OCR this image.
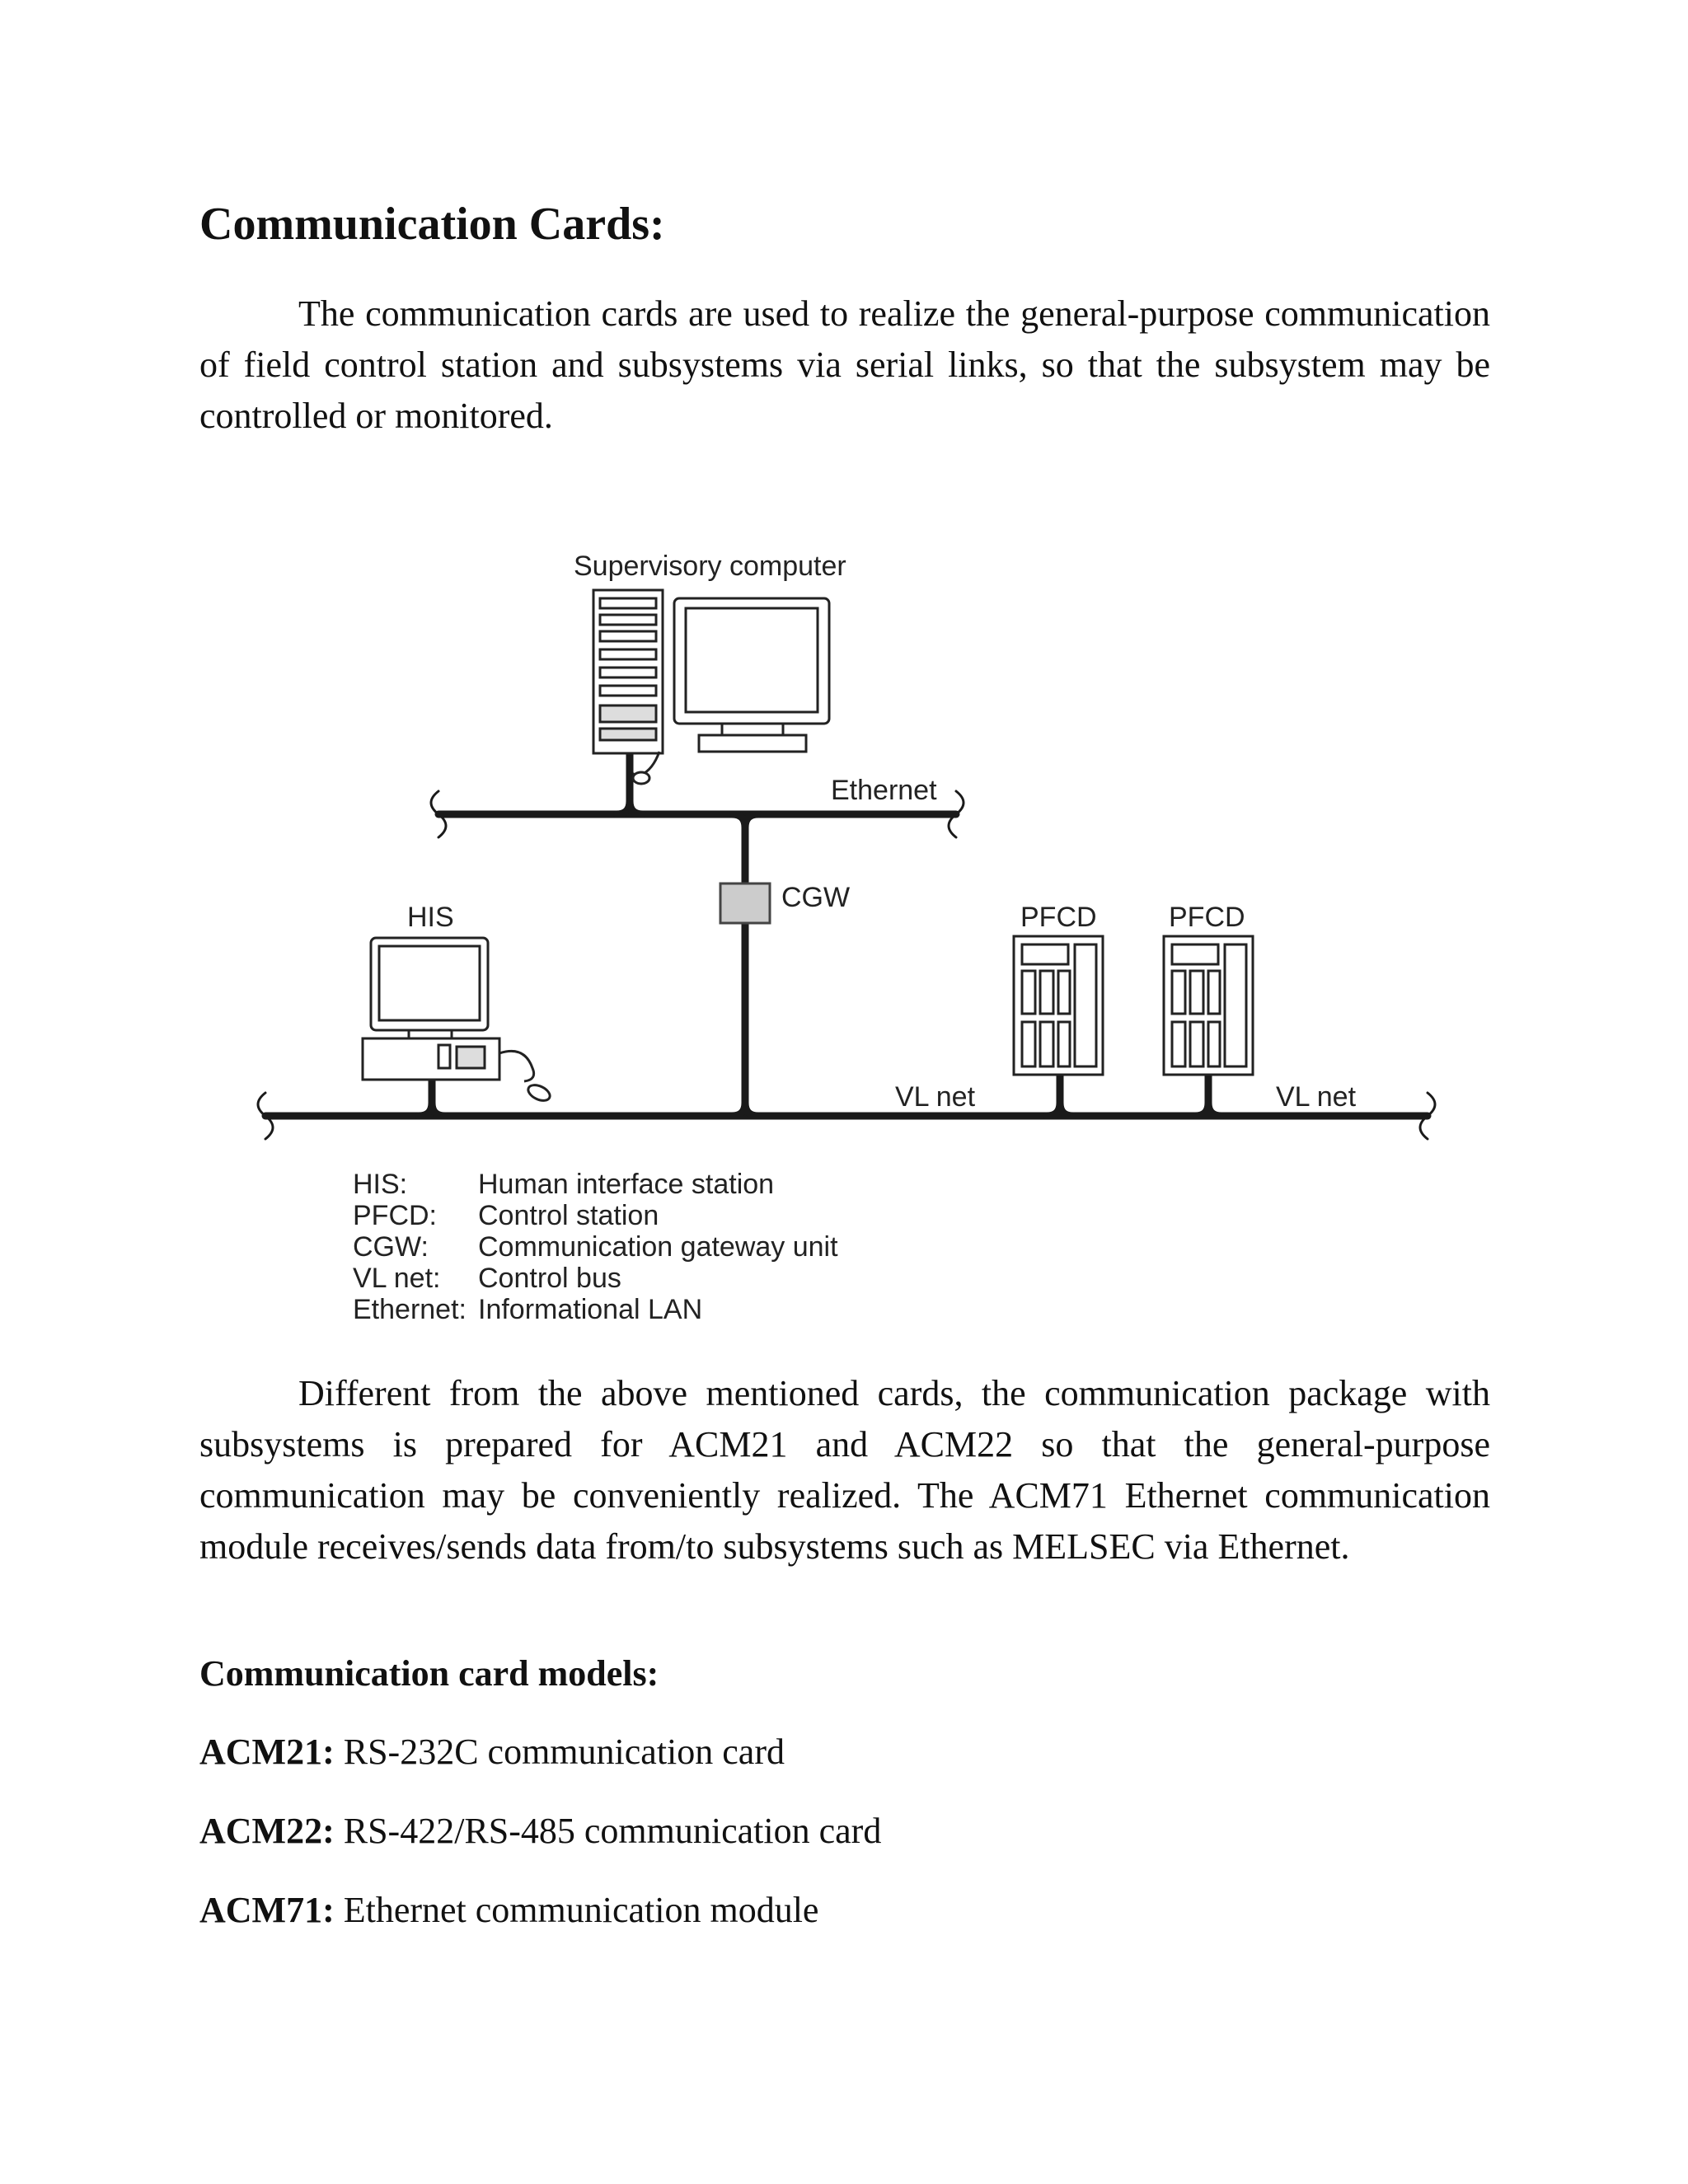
Communication Cards:

The communication cards are used to realize the general-purpose communication of field control station and subsystems via serial links, so that the subsystem may be controlled or monitored.

Supervisory computer
Ethernet
CGW
HIS	PFCD	PFCD
VL net	VL net
HIS:	Human interface station
PFCD:	Control station
CGW:	Communication gateway unit
VL net:	Control bus
Ethernet:	Informational LAN

Different from the above mentioned cards, the communication package with subsystems is prepared for ACM21 and ACM22 so that the general-purpose communication may be conveniently realized. The ACM71 Ethernet communication module receives/sends data from/to subsystems such as MELSEC via Ethernet.

Communication card models:

ACM21: RS-232C communication card

ACM22: RS-422/RS-485 communication card

ACM71: Ethernet communication module
